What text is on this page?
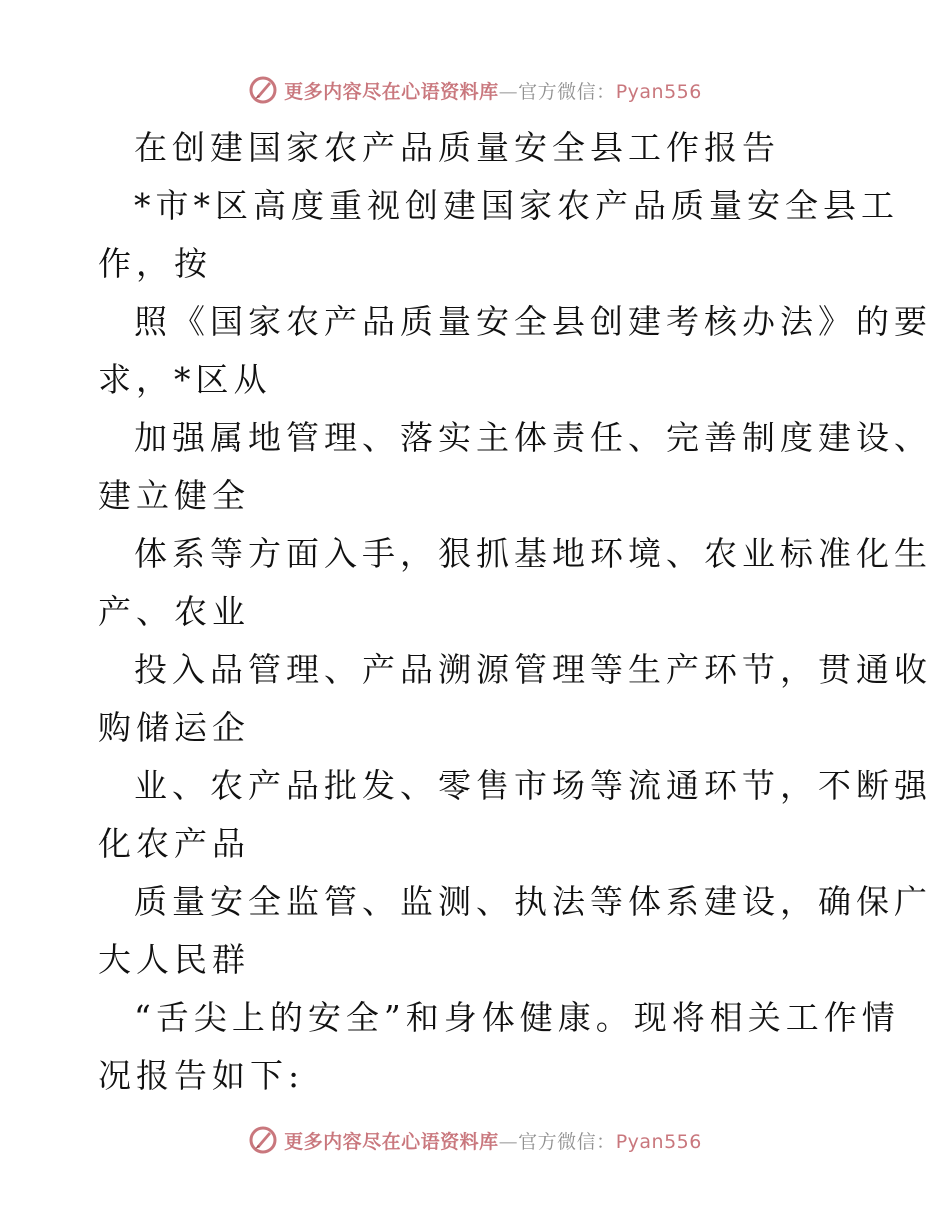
更多内容尽在心语资料库—官方微信：Pyan556
在创建国家农产品质量安全县工作报告
*市*区高度重视创建国家农产品质量安全县工
作，按
照《国家农产品质量安全县创建考核办法》的要
求，*区从
加强属地管理、落实主体责任、完善制度建设、
建立健全
体系等方面入手，狠抓基地环境、农业标准化生
产、农业
投入品管理、产品溯源管理等生产环节，贯通收
购储运企
业、农产品批发、零售市场等流通环节，不断强
化农产品
质量安全监管、监测、执法等体系建设，确保广
大人民群
“舌尖上的安全”和身体健康。现将相关工作情
况报告如下:
更多内容尽在心语资料库—官方微信：Pyan556
